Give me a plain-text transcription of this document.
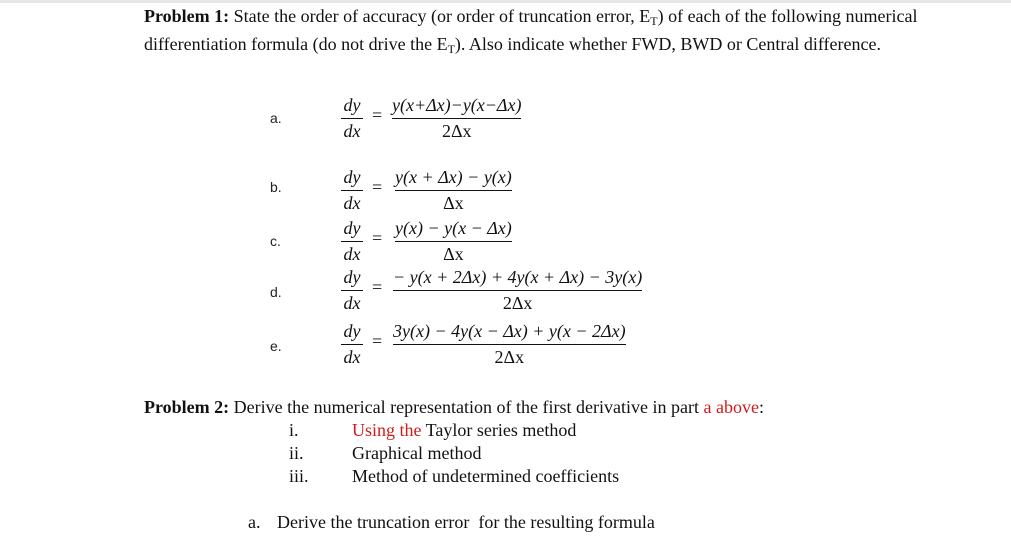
Problem 1: State the order of accuracy (or order of truncation error, $E_T$) of each of the following numerical differentiation formula (do not drive the $E_T$). Also indicate whether FWD, BWD or Central difference.
a.
dy
dx
= y(x+Δx)−y(x−Δx)
2Δx
b.	dy
dx
= y(x + Δx) − y(x)
Δx
c.
dy
dx
= y(x) − y(x − Δx)
Δx
d.
dy
dx
= − y(x + 2Δx) + 4y(x + Δx) − 3y(x)
2Δx
e.
dy
dx
= 3y(x) − 4y(x − Δx) + y(x − 2Δx)
2Δx
Problem 2: Derive the numerical representation of the first derivative in part a above:
i.	Using the Taylor series method
ii.	Graphical method
iii. Method of undetermined coefficients
a. Derive the truncation error  for the resulting formula
